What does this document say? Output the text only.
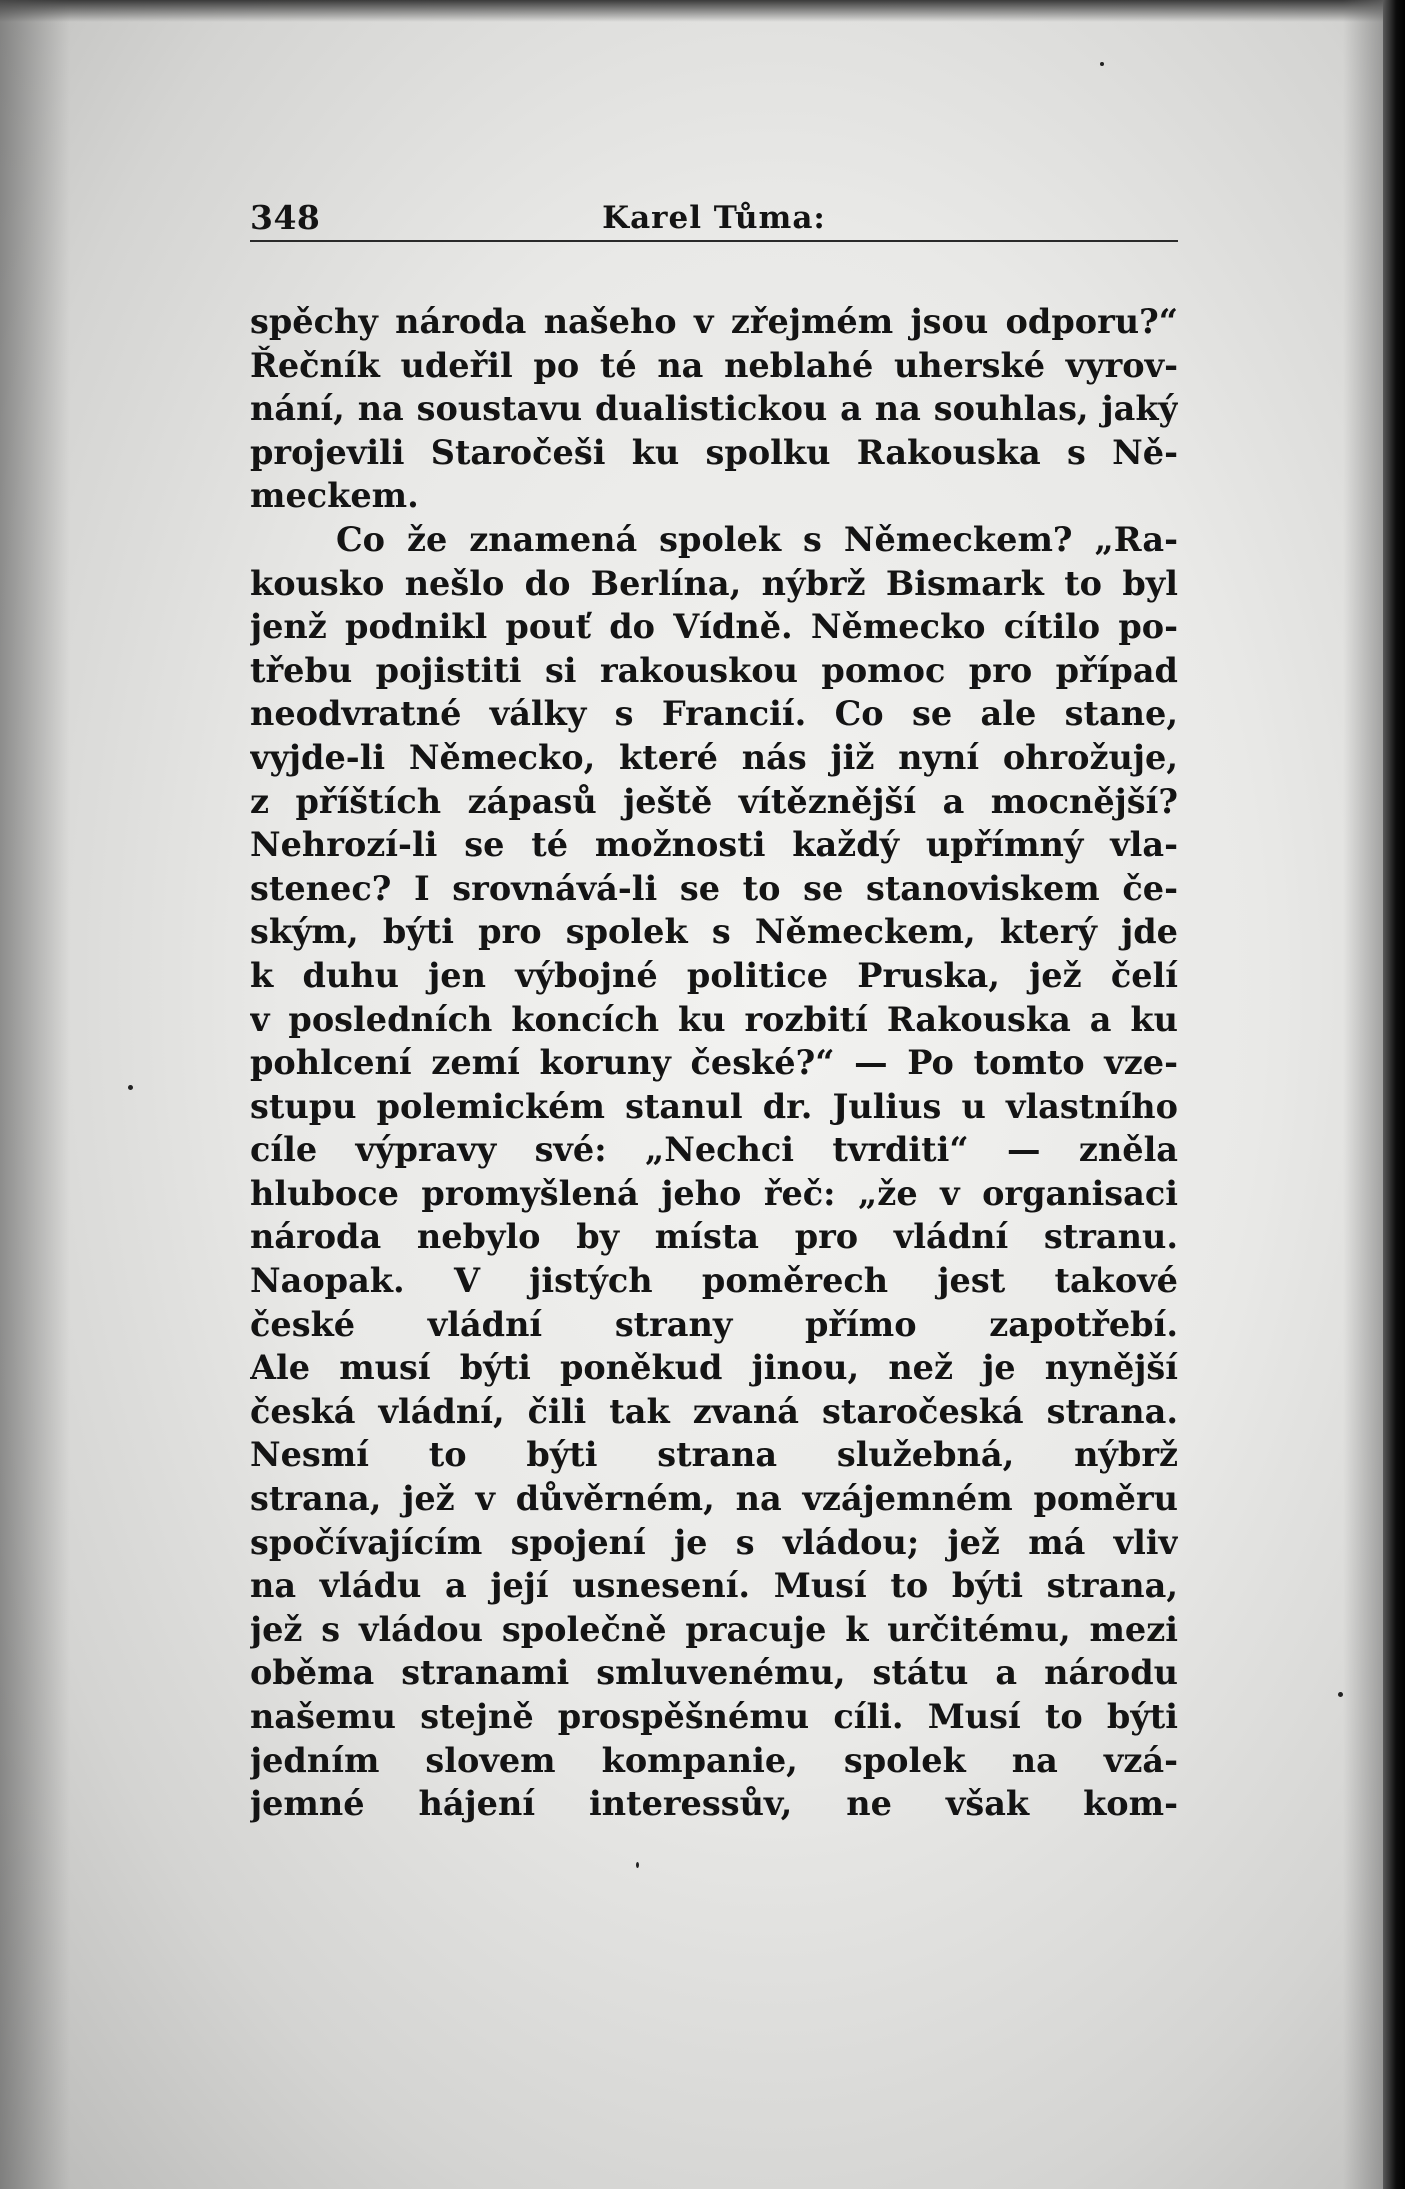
348	Karel Tůma:
spěchy národa našeho v zřejmém jsou odporu?“
Řečník udeřil po té na neblahé uherské vyrov-
nání, na soustavu dualistickou a na souhlas, jaký
projevili Staročeši ku spolku Rakouska s Ně-
meckem.
Co že znamená spolek s Německem? „Ra-
kousko nešlo do Berlína, nýbrž Bismark to byl
jenž podnikl pouť do Vídně. Německo cítilo po-
třebu pojistiti si rakouskou pomoc pro případ
neodvratné války s Francií. Co se ale stane,
vyjde-li Německo, které nás již nyní ohrožuje,
z příštích zápasů ještě vítěznější a mocnější?
Nehrozí-li se té možnosti každý upřímný vla-
stenec? I srovnává-li se to se stanoviskem če-
ským, býti pro spolek s Německem, který jde
k duhu jen výbojné politice Pruska, jež čelí
v posledních koncích ku rozbití Rakouska a ku
pohlcení zemí koruny české?“ — Po tomto vze-
stupu polemickém stanul dr. Julius u vlastního
cíle výpravy své: „Nechci tvrditi“ — zněla
hluboce promyšlená jeho řeč: „že v organisaci
národa nebylo by místa pro vládní stranu.
Naopak. V jistých poměrech jest takové
české vládní strany přímo zapotřebí.
Ale musí býti poněkud jinou, než je nynější
česká vládní, čili tak zvaná staročeská strana.
Nesmí to býti strana služebná, nýbrž
strana, jež v důvěrném, na vzájemném poměru
spočívajícím spojení je s vládou; jež má vliv
na vládu a její usnesení. Musí to býti strana,
jež s vládou společně pracuje k určitému, mezi
oběma stranami smluvenému, státu a národu
našemu stejně prospěšnému cíli. Musí to býti
jedním slovem kompanie, spolek na vzá-
jemné hájení interessův, ne však kom-
